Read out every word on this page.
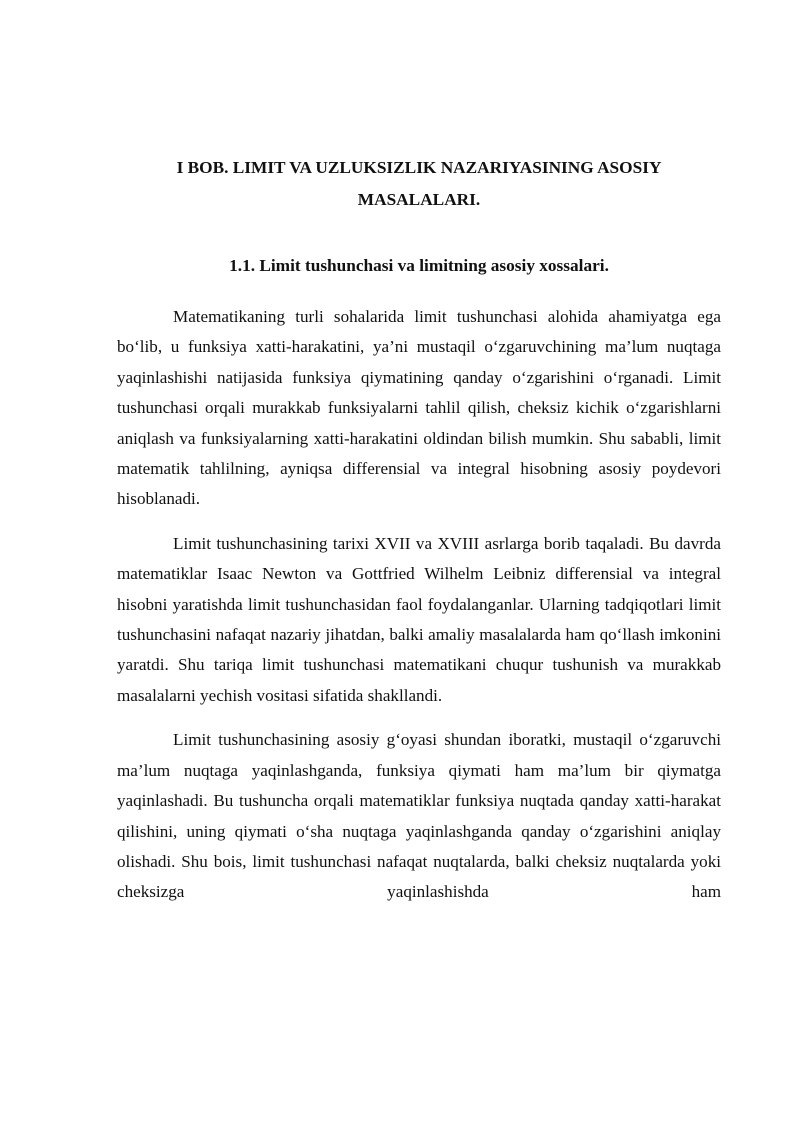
I BOB. LIMIT VA UZLUKSIZLIK NAZARIYASINING ASOSIY
MASALALARI.
1.1. Limit tushunchasi va limitning asosiy xossalari.

Matematikaning turli sohalarida limit tushunchasi alohida ahamiyatga ega bo‘lib, u funksiya xatti-harakatini, ya’ni mustaqil o‘zgaruvchining ma’lum nuqtaga yaqinlashishi natijasida funksiya qiymatining qanday o‘zgarishini o‘rganadi. Limit tushunchasi orqali murakkab funksiyalarni tahlil qilish, cheksiz kichik o‘zgarishlarni aniqlash va funksiyalarning xatti-harakatini oldindan bilish mumkin. Shu sababli, limit matematik tahlilning, ayniqsa differensial va integral hisobning asosiy poydevori hisoblanadi.

Limit tushunchasining tarixi XVII va XVIII asrlarga borib taqaladi. Bu davrda matematiklar Isaac Newton va Gottfried Wilhelm Leibniz differensial va integral hisobni yaratishda limit tushunchasidan faol foydalanganlar. Ularning tadqiqotlari limit tushunchasini nafaqat nazariy jihatdan, balki amaliy masalalarda ham qo‘llash imkonini yaratdi. Shu tariqa limit tushunchasi matematikani chuqur tushunish va murakkab masalalarni yechish vositasi sifatida shakllandi.

Limit tushunchasining asosiy g‘oyasi shundan iboratki, mustaqil o‘zgaruvchi ma’lum nuqtaga yaqinlashganda, funksiya qiymati ham ma’lum bir qiymatga yaqinlashadi. Bu tushuncha orqali matematiklar funksiya nuqtada qanday xatti-harakat qilishini, uning qiymati o‘sha nuqtaga yaqinlashganda qanday o‘zgarishini aniqlay olishadi. Shu bois, limit tushunchasi nafaqat nuqtalarda, balki cheksiz nuqtalarda yoki cheksizga yaqinlashishda ham
